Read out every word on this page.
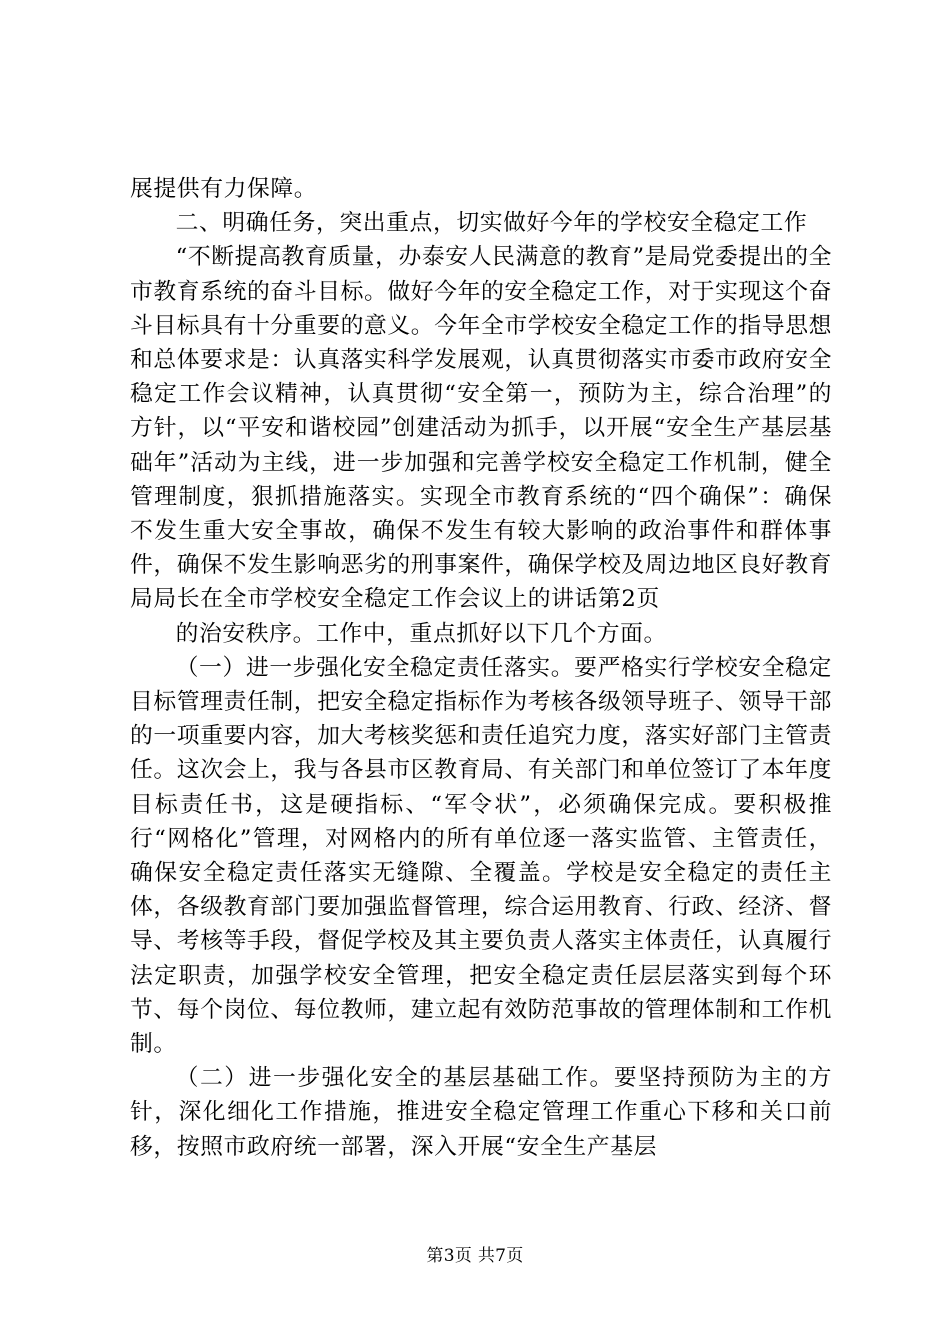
展提供有力保障。

二、明确任务，突出重点，切实做好今年的学校安全稳定工作

“不断提高教育质量，办泰安人民满意的教育”是局党委提出的全市教育系统的奋斗目标。做好今年的安全稳定工作，对于实现这个奋斗目标具有十分重要的意义。今年全市学校安全稳定工作的指导思想和总体要求是：认真落实科学发展观，认真贯彻落实市委市政府安全稳定工作会议精神，认真贯彻“安全第一，预防为主，综合治理”的方针，以“平安和谐校园”创建活动为抓手，以开展“安全生产基层基础年”活动为主线，进一步加强和完善学校安全稳定工作机制，健全管理制度，狠抓措施落实。实现全市教育系统的“四个确保”：确保不发生重大安全事故，确保不发生有较大影响的政治事件和群体事件，确保不发生影响恶劣的刑事案件，确保学校及周边地区良好教育局局长在全市学校安全稳定工作会议上的讲话第2页

的治安秩序。工作中，重点抓好以下几个方面。

（一）进一步强化安全稳定责任落实。要严格实行学校安全稳定目标管理责任制，把安全稳定指标作为考核各级领导班子、领导干部的一项重要内容，加大考核奖惩和责任追究力度，落实好部门主管责任。这次会上，我与各县市区教育局、有关部门和单位签订了本年度目标责任书，这是硬指标、“军令状”，必须确保完成。要积极推行“网格化”管理，对网格内的所有单位逐一落实监管、主管责任，确保安全稳定责任落实无缝隙、全覆盖。学校是安全稳定的责任主体，各级教育部门要加强监督管理，综合运用教育、行政、经济、督导、考核等手段，督促学校及其主要负责人落实主体责任，认真履行法定职责，加强学校安全管理，把安全稳定责任层层落实到每个环节、每个岗位、每位教师，建立起有效防范事故的管理体制和工作机制。

（二）进一步强化安全的基层基础工作。要坚持预防为主的方针，深化细化工作措施，推进安全稳定管理工作重心下移和关口前移，按照市政府统一部署，深入开展“安全生产基层

第3页 共7页
